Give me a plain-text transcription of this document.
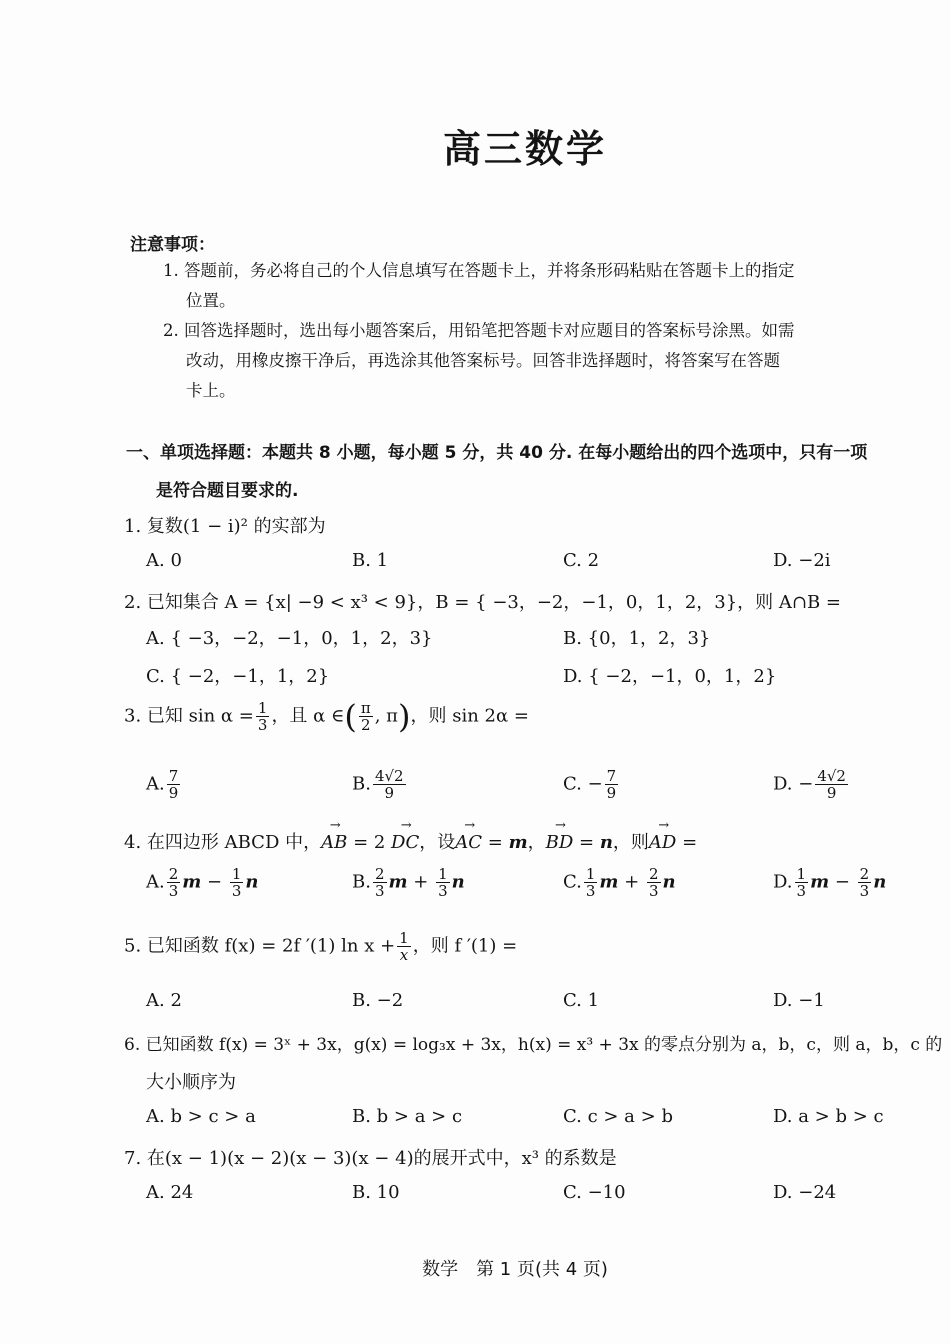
高三数学
注意事项：
1. 答题前，务必将自己的个人信息填写在答题卡上，并将条形码粘贴在答题卡上的指定
位置。
2. 回答选择题时，选出每小题答案后，用铅笔把答题卡对应题目的答案标号涂黑。如需
改动，用橡皮擦干净后，再选涂其他答案标号。回答非选择题时，将答案写在答题
卡上。
一、单项选择题：本题共 8 小题，每小题 5 分，共 40 分. 在每小题给出的四个选项中，只有一项
是符合题目要求的.
1. 复数(1 − i)² 的实部为
A. 0	B. 1	C. 2	D. −2i
2. 已知集合 A = {x| −9 < x³ < 9}，B = { −3，−2，−1，0，1，2，3}，则 A∩B =
A. { −3，−2，−1，0，1，2，3}	B. {0，1，2，3}
C. { −2，−1，1，2}	D. { −2，−1，0，1，2}
3. 已知 $\sin \alpha = \frac{1}{3}$ ，且 α ∈( $\frac{\pi}{2}$ , π)，则 sin 2α =
A. $\frac{7}{9}$	B. $\frac{4√2}{9}$	C. − $\frac{7}{9}$	D. − $\frac{4√2}{9}$
4. 在四边形 ABCD 中，→ AB = 2 → DC，设→ AC = m，→ BD = n，则→ AD =
A. $\frac{2}{3}$ $m - \frac{1}{3}$ n	B. $\frac{2}{3}$ $m + \frac{1}{3}$ n	C. $\frac{1}{3}$ $m + \frac{2}{3}$ n	D. $\frac{1}{3}$ $m - \frac{2}{3}$ n
5. 已知函数 f(x) = 2f ′(1) $\ln x + \frac{1}{x}$ ，则 f ′(1) =
A. 2	B. −2	C. 1	D. −1
6. 已知函数 f(x) = 3ˣ + 3x，g(x) = log₃x + 3x，h(x) = x³ + 3x 的零点分别为 a，b，c，则 a，b，c 的
大小顺序为
A. b > c > a	B. b > a > c	C. c > a > b	D. a > b > c
7. 在(x − 1)(x − 2)(x − 3)(x − 4)的展开式中，x³ 的系数是
A. 24	B. 10	C. −10	D. −24
数学　第 1 页(共 4 页)
